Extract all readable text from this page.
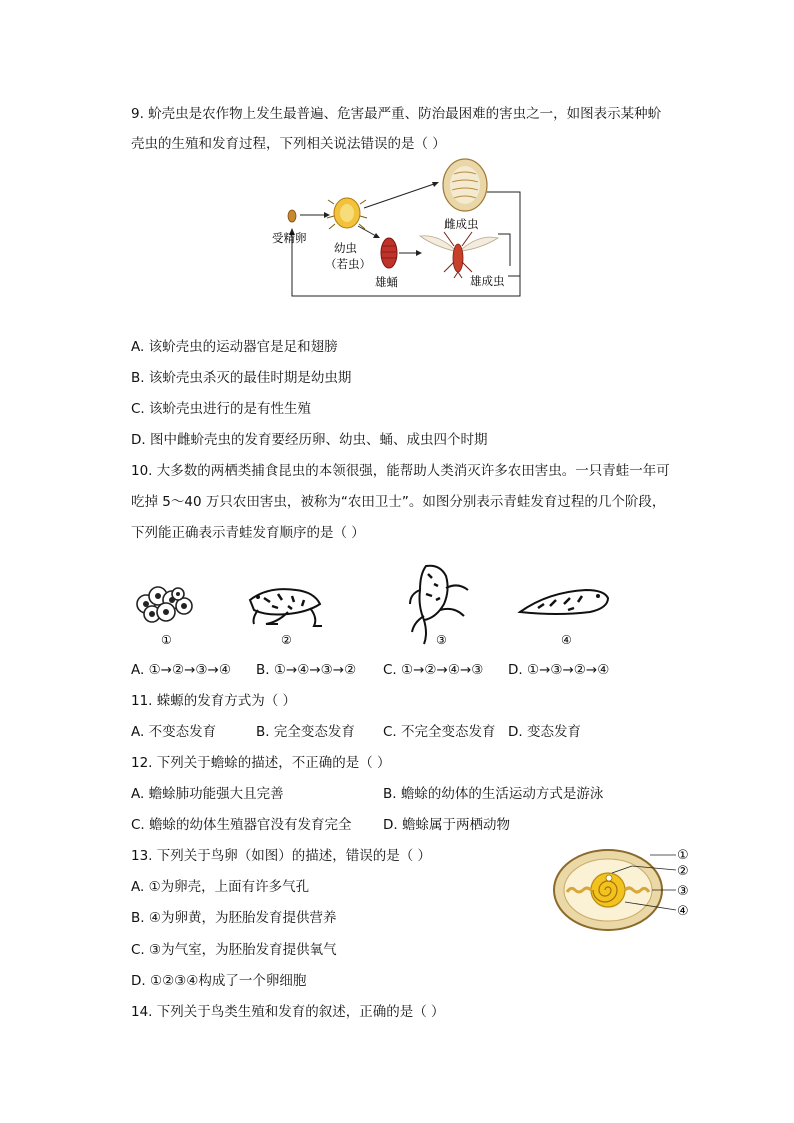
9. 蚧壳虫是农作物上发生最普遍、危害最严重、防治最困难的害虫之一，如图表示某种蚧
壳虫的生殖和发育过程，下列相关说法错误的是（ ）
受精卵
幼虫
（若虫）
雄蛹
雌成虫
雄成虫
A. 该蚧壳虫的运动器官是足和翅膀
B. 该蚧壳虫杀灭的最佳时期是幼虫期
C. 该蚧壳虫进行的是有性生殖
D. 图中雌蚧壳虫的发育要经历卵、幼虫、蛹、成虫四个时期
10. 大多数的两栖类捕食昆虫的本领很强，能帮助人类消灭许多农田害虫。一只青蛙一年可
吃掉 5～40 万只农田害虫，被称为“农田卫士”。如图分别表示青蛙发育过程的几个阶段，
下列能正确表示青蛙发育顺序的是（ ）
①	②	③	④
A. ①→②→③→④ B. ①→④→③→② C. ①→②→④→③ D. ①→③→②→④
11. 蝾螈的发育方式为（ ）
A. 不变态发育	B. 完全变态发育 C. 不完全变态发育 D. 变态发育
12. 下列关于蟾蜍的描述，不正确的是（ ）
A. 蟾蜍肺功能强大且完善	B. 蟾蜍的幼体的生活运动方式是游泳
C. 蟾蜍的幼体生殖器官没有发育完全 D. 蟾蜍属于两栖动物
13. 下列关于鸟卵（如图）的描述，错误的是（ ）
A. ①为卵壳，上面有许多气孔
B. ④为卵黄，为胚胎发育提供营养
C. ③为气室，为胚胎发育提供氧气
D. ①②③④构成了一个卵细胞
①
②
③
④
14. 下列关于鸟类生殖和发育的叙述，正确的是（ ）
